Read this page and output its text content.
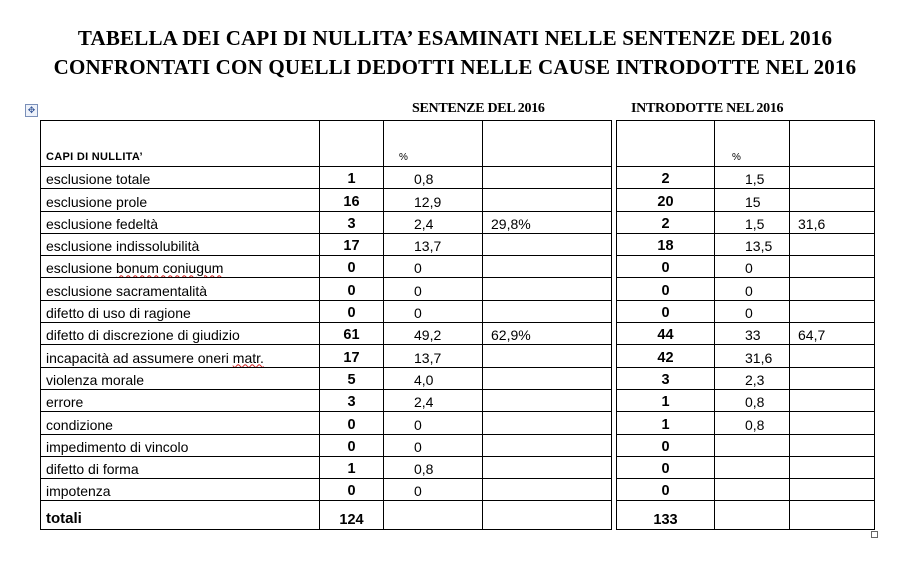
TABELLA DEI CAPI DI NULLITA’ ESAMINATI NELLE SENTENZE DEL 2016
CONFRONTATI CON QUELLI DEDOTTI NELLE CAUSE INTRODOTTE NEL 2016
✥	SENTENZE DEL 2016	INTRODOTTE NEL 2016
CAPI DI NULLITA’		%				%	
esclusione totale	1	0,8			2	1,5	
esclusione prole	16	12,9			20	15	
esclusione fedeltà	3	2,4	29,8%		2	1,5	31,6
esclusione indissolubilità	17	13,7			18	13,5	
esclusione bonum coniugum	0	0			0	0	
esclusione sacramentalità	0	0			0	0	
difetto di uso di ragione	0	0			0	0	
difetto di discrezione di giudizio	61	49,2	62,9%		44	33	64,7
incapacità ad assumere oneri matr.	17	13,7			42	31,6	
violenza morale	5	4,0			3	2,3	
errore	3	2,4			1	0,8	
condizione	0	0			1	0,8	
impedimento di vincolo	0	0			0		
difetto di forma	1	0,8			0		
impotenza	0	0			0		
totali	124				133		
